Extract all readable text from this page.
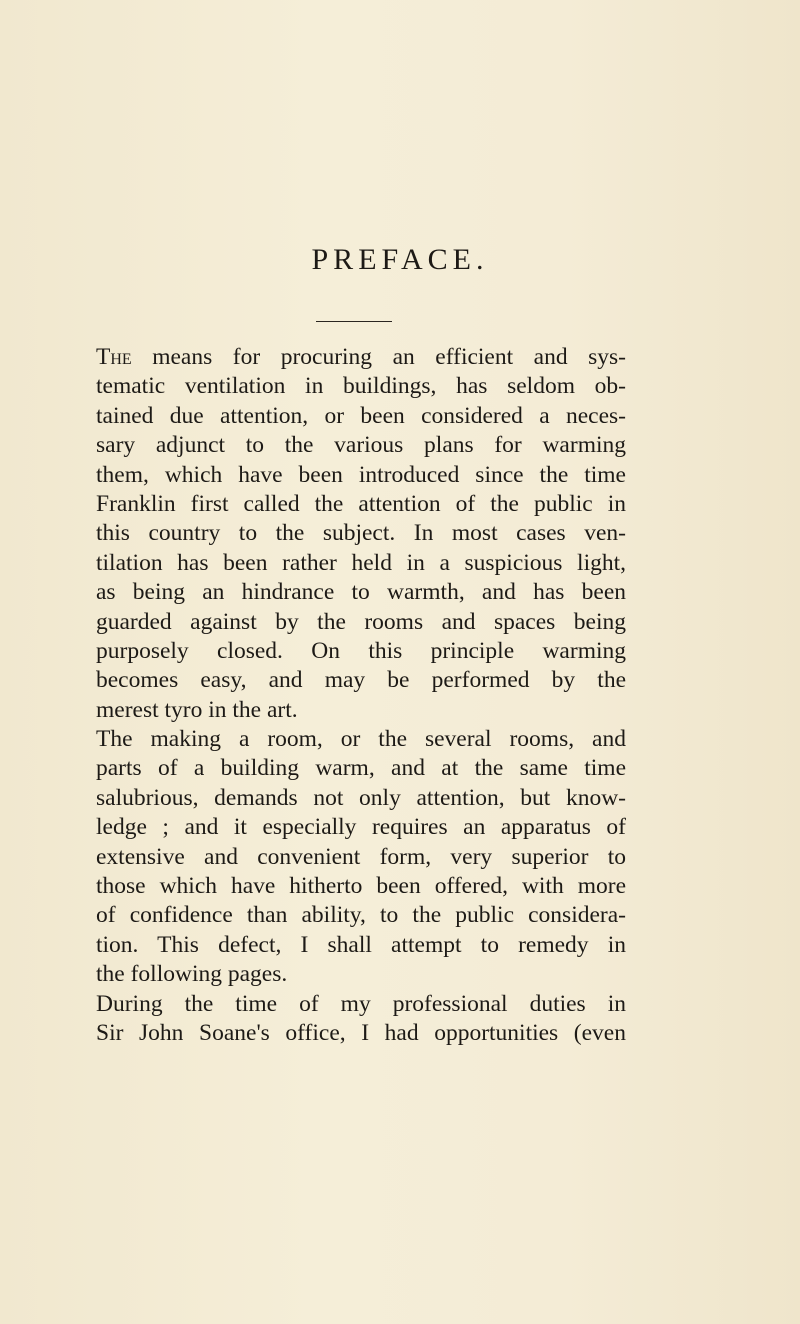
PREFACE.
The means for procuring an efficient and sys-
tematic ventilation in buildings, has seldom ob-
tained due attention, or been considered a neces-
sary adjunct to the various plans for warming
them, which have been introduced since the time
Franklin first called the attention of the public in
this country to the subject. In most cases ven-
tilation has been rather held in a suspicious light,
as being an hindrance to warmth, and has been
guarded against by the rooms and spaces being
purposely closed. On this principle warming
becomes easy, and may be performed by the
merest tyro in the art.
The making a room, or the several rooms, and
parts of a building warm, and at the same time
salubrious, demands not only attention, but know-
ledge ; and it especially requires an apparatus of
extensive and convenient form, very superior to
those which have hitherto been offered, with more
of confidence than ability, to the public considera-
tion. This defect, I shall attempt to remedy in
the following pages.
During the time of my professional duties in
Sir John Soane's office, I had opportunities (even
